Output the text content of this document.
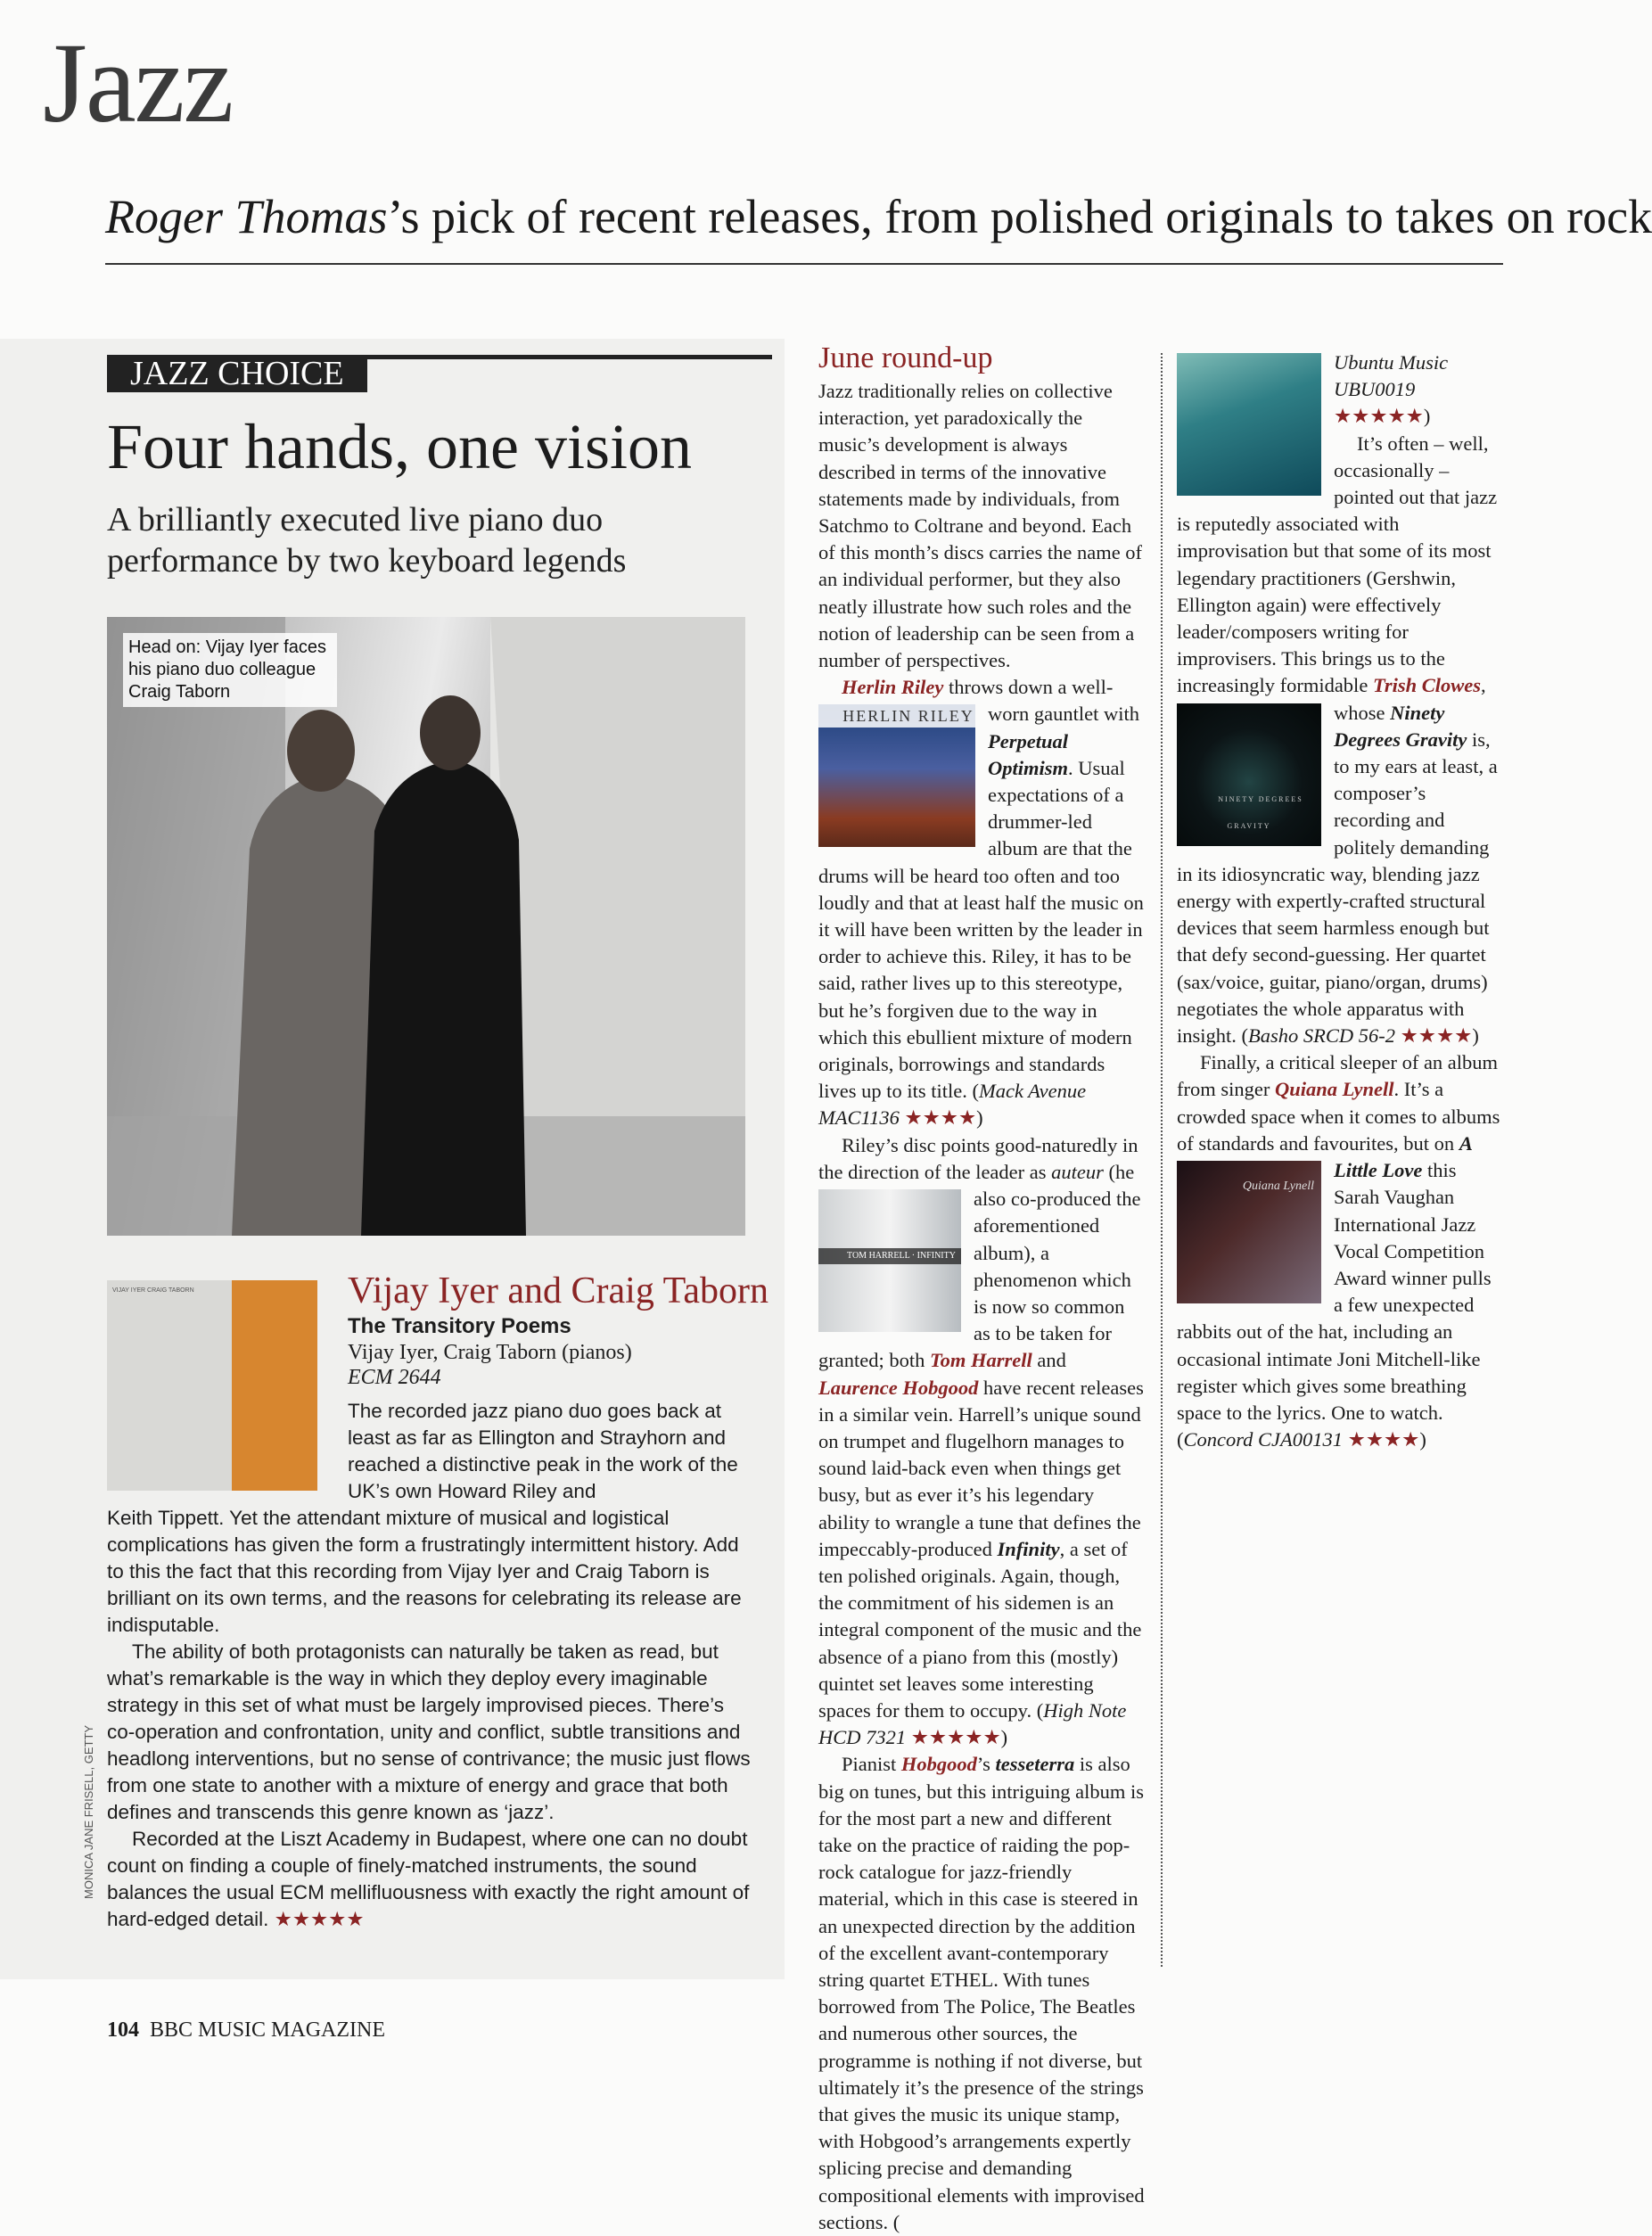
Jazz
Roger Thomas’s pick of recent releases, from polished originals to takes on rock
JAZZ CHOICE
Four hands, one vision
A brilliantly executed live piano duo performance by two keyboard legends
Head on: Vijay Iyer faces his piano duo colleague Craig Taborn
VIJAY IYER CRAIG TABORN	Vijay Iyer and Craig Taborn
The Transitory Poems
Vijay Iyer, Craig Taborn (pianos)
ECM 2644

The recorded jazz piano duo goes back at least as far as Ellington and Strayhorn and reached a distinctive peak in the work of the UK’s own Howard Riley and

Keith Tippett. Yet the attendant mixture of musical and logistical complications has given the form a frustratingly intermittent history. Add to this the fact that this recording from Vijay Iyer and Craig Taborn is brilliant on its own terms, and the reasons for celebrating its release are indisputable.

The ability of both protagonists can naturally be taken as read, but what’s remarkable is the way in which they deploy every imaginable strategy in this set of what must be largely improvised pieces. There’s co-operation and confrontation, unity and conflict, subtle transitions and headlong interventions, but no sense of contrivance; the music just flows from one state to another with a mixture of energy and grace that both defines and transcends this genre known as ‘jazz’.

Recorded at the Liszt Academy in Budapest, where one can no doubt count on finding a couple of finely-matched instruments, the sound balances the usual ECM mellifluousness with exactly the right amount of hard-edged detail. ★★★★★

MONICA JANE FRISELL, GETTY
June round-up

Jazz traditionally relies on collective interaction, yet paradoxically the music’s development is always described in terms of the innovative statements made by individuals, from Satchmo to Coltrane and beyond. Each of this month’s discs carries the name of an individual performer, but they also neatly illustrate how such roles and the notion of leadership can be seen from a number of perspectives.

Herlin Riley throws down a well-worn gauntlet with
HERLIN RILEY
Perpetual Optimism. Usual expectations of a drummer-led album are that the drums will be heard too often and too loudly and that at least half the music on it will have been written by the leader in order to achieve this. Riley, it has to be said, rather lives up to this stereotype, but he’s forgiven due to the way in which this ebullient mixture of modern originals, borrowings and standards lives up to its title. (Mack Avenue MAC1136 ★★★★)

Riley’s disc points good-naturedly in the direction of the leader as auteur
TOM HARRELL · INFINITY
(he also co-produced the aforementioned album), a phenomenon which is now so common as to be taken for granted; both Tom Harrell and Laurence Hobgood have recent releases in a similar vein. Harrell’s unique sound on trumpet and flugelhorn manages to sound laid-back even when things get busy, but as ever it’s his legendary ability to wrangle a tune that defines the impeccably-produced Infinity, a set of ten polished originals. Again, though, the commitment of his sidemen is an integral component of the music and the absence of a piano from this (mostly) quintet set leaves some interesting spaces for them to occupy. (High Note HCD 7321 ★★★★★)

Pianist Hobgood’s tesseterra is also big on tunes, but this intriguing album is for the most part a new and different take on the practice of raiding the pop-rock catalogue for jazz-friendly material, which in this case is steered in an unexpected direction by the addition of the excellent avant-contemporary string quartet ETHEL. With tunes borrowed from The Police, The Beatles and numerous other sources, the programme is nothing if not diverse, but ultimately it’s the presence of the strings that gives the music its unique stamp, with Hobgood’s arrangements expertly splicing precise and demanding compositional elements with improvised sections. (

Ubuntu Music UBU0019 ★★★★★)

It’s often – well, occasionally – pointed out that jazz is reputedly associated with improvisation but that some of its most legendary practitioners (Gershwin, Ellington again) were effectively leader/composers writing for improvisers. This brings us to the increasingly formidable
NINETY DEGREES GRAVITY
Trish Clowes, whose Ninety Degrees Gravity is, to my ears at least, a composer’s recording and politely demanding in its idiosyncratic way, blending jazz energy with expertly-crafted structural devices that seem harmless enough but that defy second-guessing. Her quartet (sax/voice, guitar, piano/organ, drums) negotiates the whole apparatus with insight. (Basho SRCD 56-2 ★★★★)

Finally, a critical sleeper of an album from singer Quiana Lynell. It’s a crowded space when it comes to albums of standards and favourites, but on A Little Love
Quiana Lynell
this Sarah Vaughan International Jazz Vocal Competition Award winner pulls a few unexpected rabbits out of the hat, including an occasional intimate Joni Mitchell-like register which gives some breathing space to the lyrics. One to watch. (Concord CJA00131 ★★★★)

104 BBC MUSIC MAGAZINE
